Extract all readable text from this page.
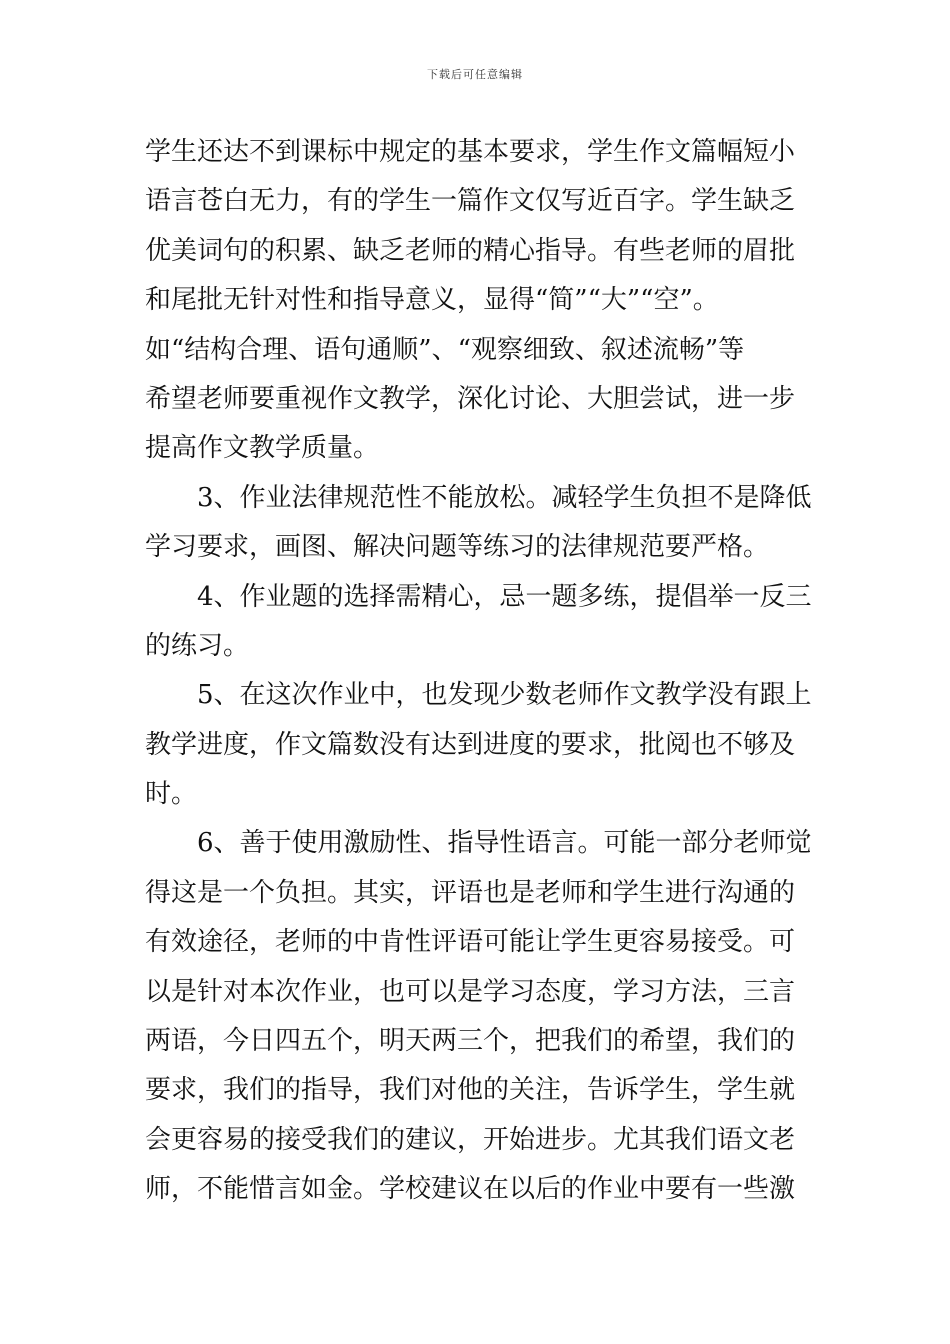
下载后可任意编辑
学生还达不到课标中规定的基本要求，学生作文篇幅短小
语言苍白无力，有的学生一篇作文仅写近百字。学生缺乏
优美词句的积累、缺乏老师的精心指导。有些老师的眉批
和尾批无针对性和指导意义，显得“简”“大”“空”。
如“结构合理、语句通顺”、“观察细致、叙述流畅”等
希望老师要重视作文教学，深化讨论、大胆尝试，进一步
提高作文教学质量。
3、作业法律规范性不能放松。减轻学生负担不是降低
学习要求，画图、解决问题等练习的法律规范要严格。
4、作业题的选择需精心，忌一题多练，提倡举一反三
的练习。
5、在这次作业中，也发现少数老师作文教学没有跟上
教学进度，作文篇数没有达到进度的要求，批阅也不够及
时。
6、善于使用激励性、指导性语言。可能一部分老师觉
得这是一个负担。其实，评语也是老师和学生进行沟通的
有效途径，老师的中肯性评语可能让学生更容易接受。可
以是针对本次作业，也可以是学习态度，学习方法，三言
两语，今日四五个，明天两三个，把我们的希望，我们的
要求，我们的指导，我们对他的关注，告诉学生，学生就
会更容易的接受我们的建议，开始进步。尤其我们语文老
师，不能惜言如金。学校建议在以后的作业中要有一些激
